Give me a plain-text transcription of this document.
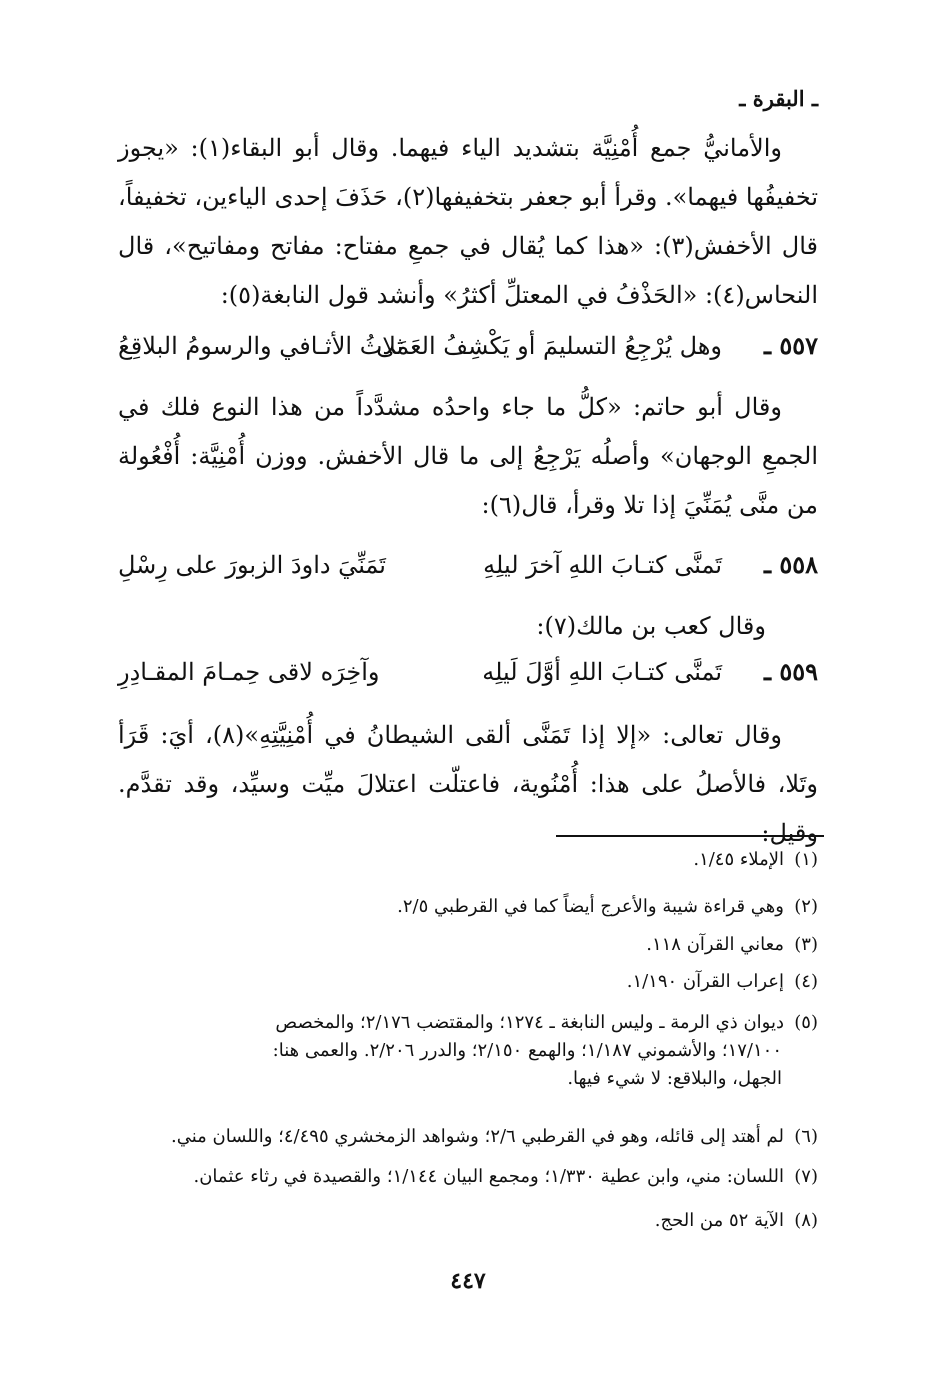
ـ البقرة ـ
والأمانيُّ جمع أُمْنِيَّة بتشديد الياء فيهما. وقال أبو البقاء(١): «يجوز تخفيفُها فيهما». وقرأ أبو جعفر بتخفيفها(٢)، حَذَفَ إحدى الياءين، تخفيفاً، قال الأخفش(٣): «هذا كما يُقال في جمعِ مفتاح: مفاتح ومفاتيح»، قال النحاس(٤): «الحَذْفُ في المعتلِّ أكثرُ» وأنشد قول النابغة(٥):
٥٥٧ ـ
وهل يُرْجِعُ التسليمَ أو يَكْشِفُ العَمَى
ثلاثُ الأثـافي والرسومُ البلاقِعُ
وقال أبو حاتم: «كلُّ ما جاء واحدُه مشدَّداً من هذا النوع فلك في الجمعِ الوجهان» وأصلُه يَرْجِعُ إلى ما قال الأخفش. ووزن أُمْنِيَّة: أُفْعُولة من منَّى يُمَنِّيَ إذا تلا وقرأ، قال(٦):
٥٥٨ ـ
تَمنَّى كتـابَ اللهِ آخرَ ليلِهِ
تَمَنِّيَ داودَ الزبورَ على رِسْلِ
وقال كعب بن مالك(٧):
٥٥٩ ـ
تَمنَّى كتـابَ اللهِ أوَّلَ لَيلِه
وآخِرَه لاقى حِمـامَ المقـادِرِ
وقال تعالى: «إلا إذا تَمَنَّى ألقى الشيطانُ في أُمْنِيَّتِهِ»(٨)، أيَ: قَرَأ وتَلا، فالأصلُ على هذا: أُمْنُوية، فاعتلّت اعتلالَ ميِّت وسيِّد، وقد تقدَّم. وقيل:
(١)الإملاء ١/٤٥.
(٢)وهي قراءة شيبة والأعرج أيضاً كما في القرطبي ٢/٥.
(٣)معاني القرآن ١١٨.
(٤)إعراب القرآن ١/١٩٠.
(٥)ديوان ذي الرمة ـ وليس النابغة ـ ١٢٧٤؛ والمقتضب ٢/١٧٦؛ والمخصص
١٧/١٠٠؛ والأشموني ١/١٨٧؛ والهمع ٢/١٥٠؛ والدرر ٢/٢٠٦. والعمى هنا:
الجهل، والبلاقع: لا شيء فيها.
(٦)لم أهتد إلى قائله، وهو في القرطبي ٢/٦؛ وشواهد الزمخشري ٤/٤٩٥؛ واللسان مني.
(٧)اللسان: مني، وابن عطية ١/٣٣٠؛ ومجمع البيان ١/١٤٤؛ والقصيدة في رثاء عثمان.
(٨)الآية ٥٢ من الحج.
٤٤٧
